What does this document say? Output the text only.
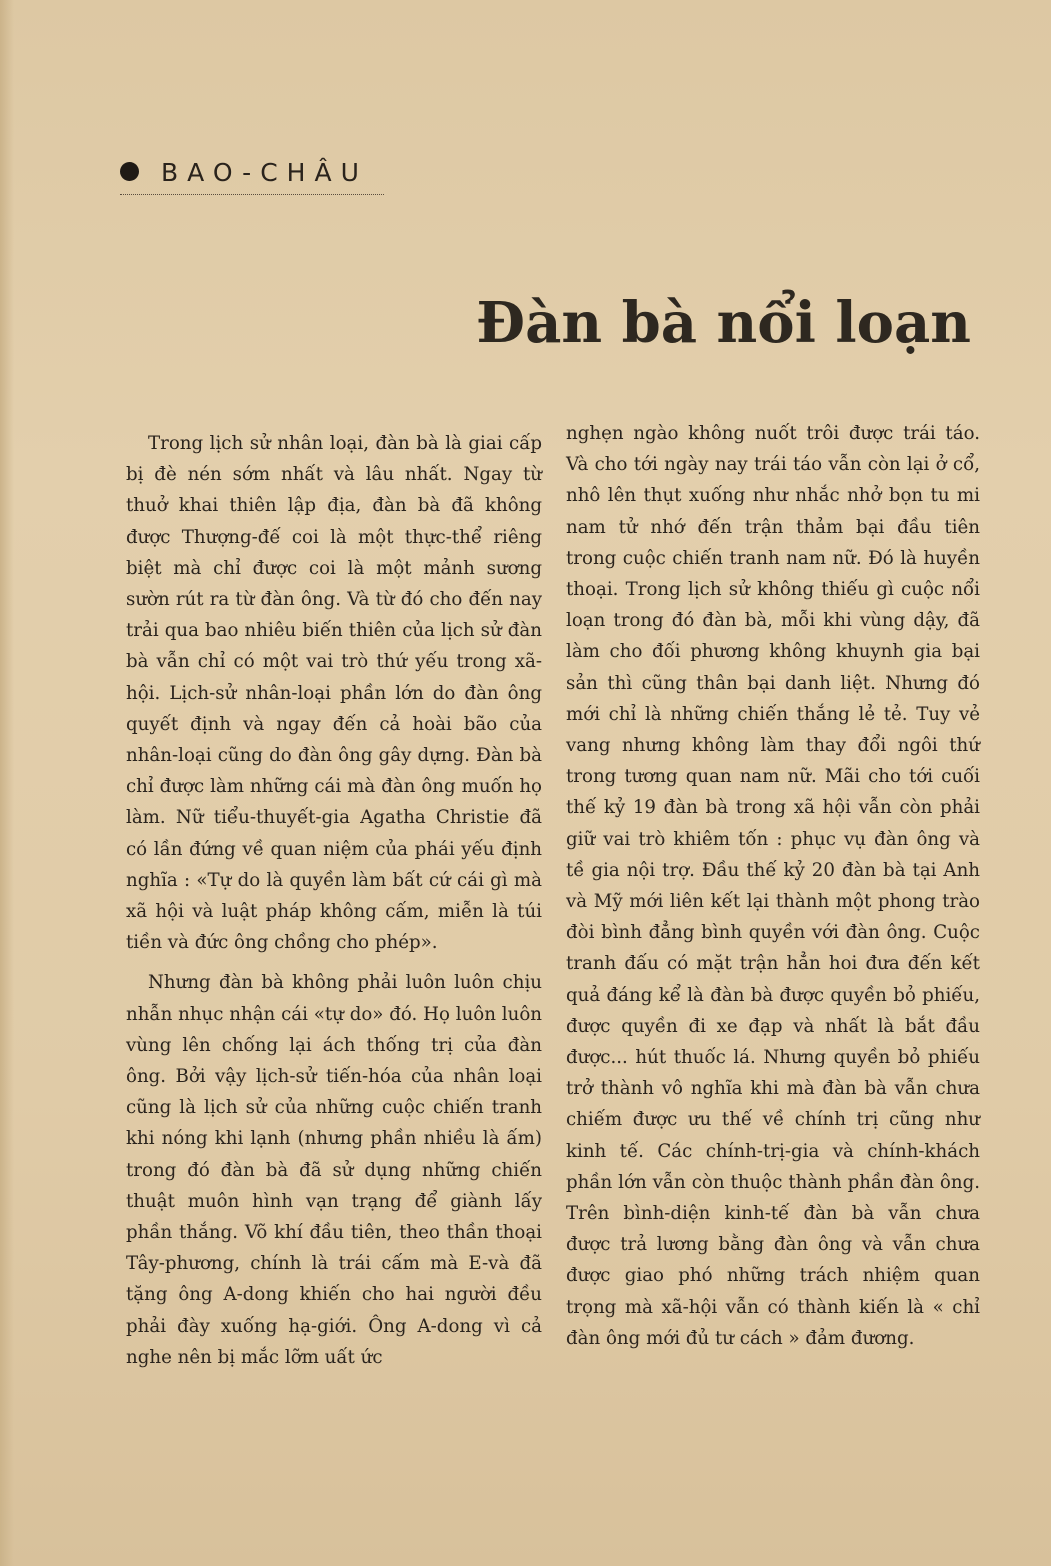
BAO-CHÂU
Đàn bà nổi loạn

Trong lịch sử nhân loại, đàn bà là giai cấp bị đè nén sớm nhất và lâu nhất. Ngay từ thuở khai thiên lập địa, đàn bà đã không được Thượng-đế coi là một thực-thể riêng biệt mà chỉ được coi là một mảnh sương sườn rút ra từ đàn ông. Và từ đó cho đến nay trải qua bao nhiêu biến thiên của lịch sử đàn bà vẫn chỉ có một vai trò thứ yếu trong xã-hội. Lịch-sử nhân-loại phần lớn do đàn ông quyết định và ngay đến cả hoài bão của nhân-loại cũng do đàn ông gây dựng. Đàn bà chỉ được làm những cái mà đàn ông muốn họ làm. Nữ tiểu-thuyết-gia Agatha Christie đã có lần đứng về quan niệm của phái yếu định nghĩa : «Tự do là quyền làm bất cứ cái gì mà xã hội và luật pháp không cấm, miễn là túi tiền và đức ông chồng cho phép».

Nhưng đàn bà không phải luôn luôn chịu nhẫn nhục nhận cái «tự do» đó. Họ luôn luôn vùng lên chống lại ách thống trị của đàn ông. Bởi vậy lịch-sử tiến-hóa của nhân loại cũng là lịch sử của những cuộc chiến tranh khi nóng khi lạnh (nhưng phần nhiều là ấm) trong đó đàn bà đã sử dụng những chiến thuật muôn hình vạn trạng để giành lấy phần thắng. Võ khí đầu tiên, theo thần thoại Tây-phương, chính là trái cấm mà E-và đã tặng ông A-dong khiến cho hai người đều phải đày xuống hạ-giới. Ông A-dong vì cả nghe nên bị mắc lỡm uất ức

nghẹn ngào không nuốt trôi được trái táo. Và cho tới ngày nay trái táo vẫn còn lại ở cổ, nhô lên thụt xuống như nhắc nhở bọn tu mi nam tử nhớ đến trận thảm bại đầu tiên trong cuộc chiến tranh nam nữ. Đó là huyền thoại. Trong lịch sử không thiếu gì cuộc nổi loạn trong đó đàn bà, mỗi khi vùng dậy, đã làm cho đối phương không khuynh gia bại sản thì cũng thân bại danh liệt. Nhưng đó mới chỉ là những chiến thắng lẻ tẻ. Tuy vẻ vang nhưng không làm thay đổi ngôi thứ trong tương quan nam nữ. Mãi cho tới cuối thế kỷ 19 đàn bà trong xã hội vẫn còn phải giữ vai trò khiêm tốn : phục vụ đàn ông và tề gia nội trợ. Đầu thế kỷ 20 đàn bà tại Anh và Mỹ mới liên kết lại thành một phong trào đòi bình đẳng bình quyền với đàn ông. Cuộc tranh đấu có mặt trận hẳn hoi đưa đến kết quả đáng kể là đàn bà được quyền bỏ phiếu, được quyền đi xe đạp và nhất là bắt đầu được... hút thuốc lá. Nhưng quyền bỏ phiếu trở thành vô nghĩa khi mà đàn bà vẫn chưa chiếm được ưu thế về chính trị cũng như kinh tế. Các chính-trị-gia và chính-khách phần lớn vẫn còn thuộc thành phần đàn ông. Trên bình-diện kinh-tế đàn bà vẫn chưa được trả lương bằng đàn ông và vẫn chưa được giao phó những trách nhiệm quan trọng mà xã-hội vẫn có thành kiến là « chỉ đàn ông mới đủ tư cách » đảm đương.
